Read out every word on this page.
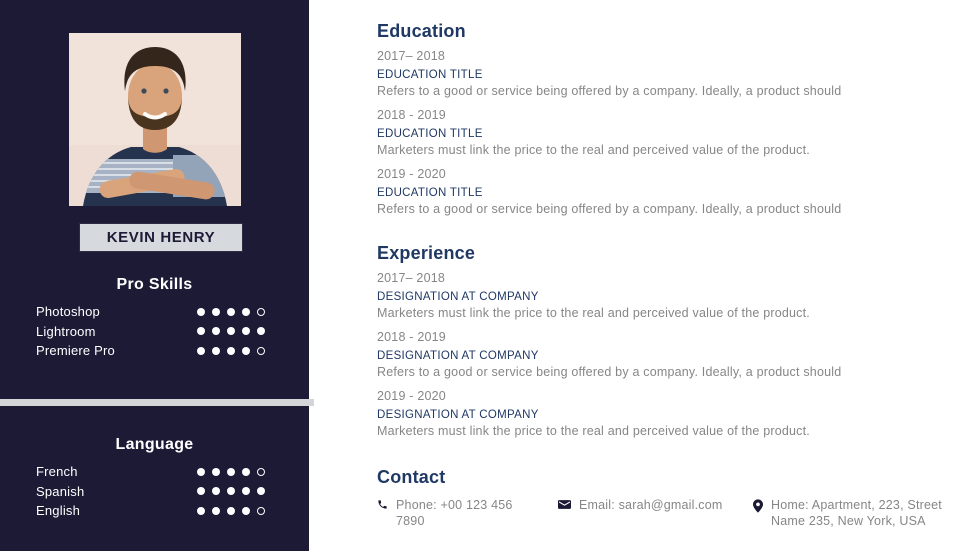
KEVIN HENRY
Pro Skills
Photoshop
Lightroom
Premiere Pro
Language
French
Spanish
English
Education
2017– 2018
EDUCATION TITLE
Refers to a good or service being offered by a company. Ideally, a product should
2018 - 2019
EDUCATION TITLE
Marketers must link the price to the real and perceived value of the product.
2019 - 2020
EDUCATION TITLE
Refers to a good or service being offered by a company. Ideally, a product should
Experience
2017– 2018
DESIGNATION AT COMPANY
Marketers must link the price to the real and perceived value of the product.
2018 - 2019
DESIGNATION AT COMPANY
Refers to a good or service being offered by a company. Ideally, a product should
2019 - 2020
DESIGNATION AT COMPANY
Marketers must link the price to the real and perceived value of the product.
Contact
Phone: +00 123 456 7890
Email: sarah@gmail.com	Home: Apartment, 223, Street Name 235, New York, USA
